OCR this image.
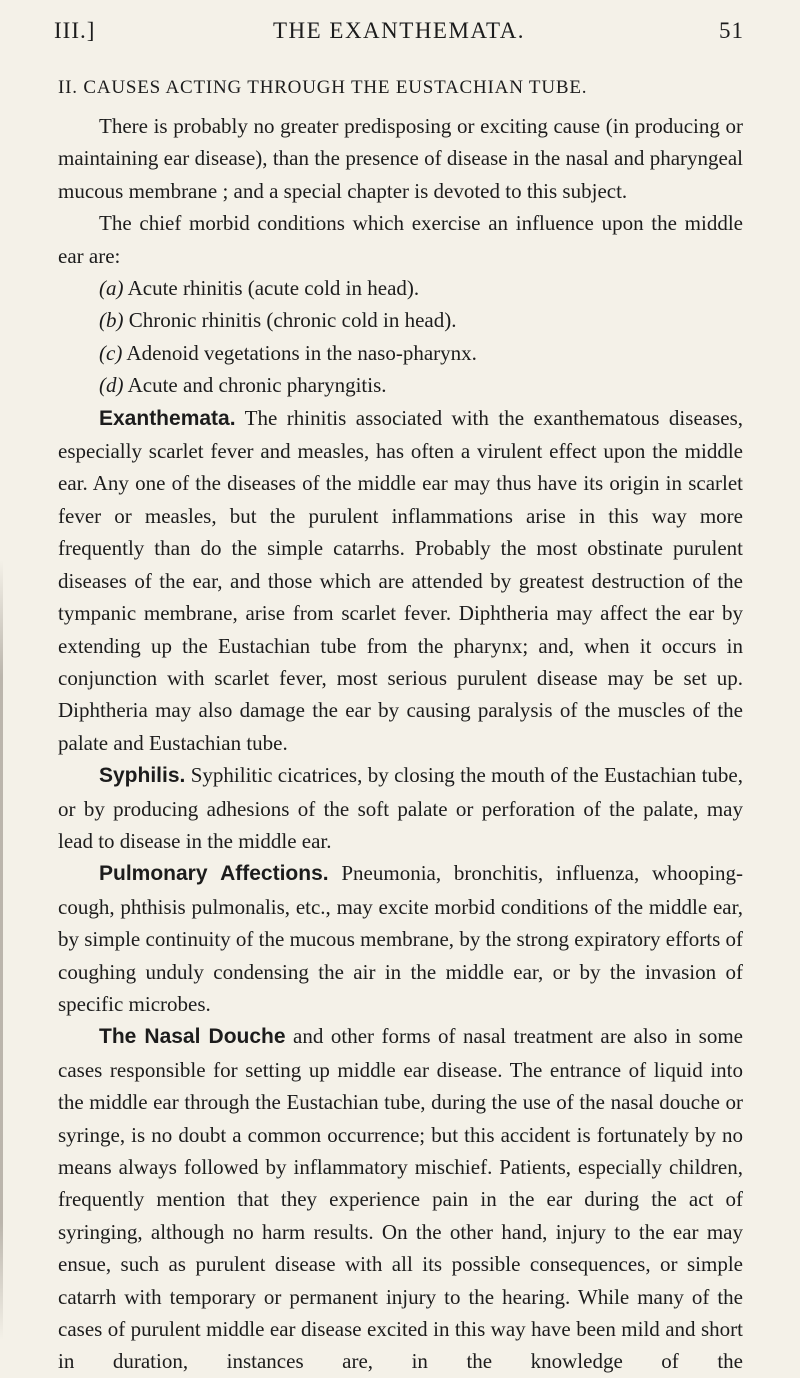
III.]	THE EXANTHEMATA.	51
II. CAUSES ACTING THROUGH THE EUSTACHIAN TUBE.

There is probably no greater predisposing or exciting cause (in producing or maintaining ear disease), than the presence of disease in the nasal and pharyngeal mucous membrane ; and a special chapter is devoted to this subject.

The chief morbid conditions which exercise an influence upon the middle ear are:

(a) Acute rhinitis (acute cold in head).

(b) Chronic rhinitis (chronic cold in head).

(c) Adenoid vegetations in the naso-pharynx.

(d) Acute and chronic pharyngitis.

Exanthemata. The rhinitis associated with the exanthematous diseases, especially scarlet fever and measles, has often a virulent effect upon the middle ear. Any one of the diseases of the middle ear may thus have its origin in scarlet fever or measles, but the purulent inflammations arise in this way more frequently than do the simple catarrhs. Probably the most obstinate purulent diseases of the ear, and those which are attended by greatest destruction of the tympanic membrane, arise from scarlet fever. Diphtheria may affect the ear by extending up the Eustachian tube from the pharynx; and, when it occurs in conjunction with scarlet fever, most serious purulent disease may be set up. Diphtheria may also damage the ear by causing paralysis of the muscles of the palate and Eustachian tube.

Syphilis. Syphilitic cicatrices, by closing the mouth of the Eustachian tube, or by producing adhesions of the soft palate or perforation of the palate, may lead to disease in the middle ear.

Pulmonary Affections. Pneumonia, bronchitis, influenza, whooping-cough, phthisis pulmonalis, etc., may excite morbid conditions of the middle ear, by simple continuity of the mucous membrane, by the strong expiratory efforts of coughing unduly condensing the air in the middle ear, or by the invasion of specific microbes.

The Nasal Douche and other forms of nasal treatment are also in some cases responsible for setting up middle ear disease. The entrance of liquid into the middle ear through the Eustachian tube, during the use of the nasal douche or syringe, is no doubt a common occurrence; but this accident is fortunately by no means always followed by inflammatory mischief. Patients, especially children, frequently mention that they experience pain in the ear during the act of syringing, although no harm results. On the other hand, injury to the ear may ensue, such as purulent disease with all its possible consequences, or simple catarrh with temporary or permanent injury to the hearing. While many of the cases of purulent middle ear disease excited in this way have been mild and short in duration, instances are, in the knowledge of the
